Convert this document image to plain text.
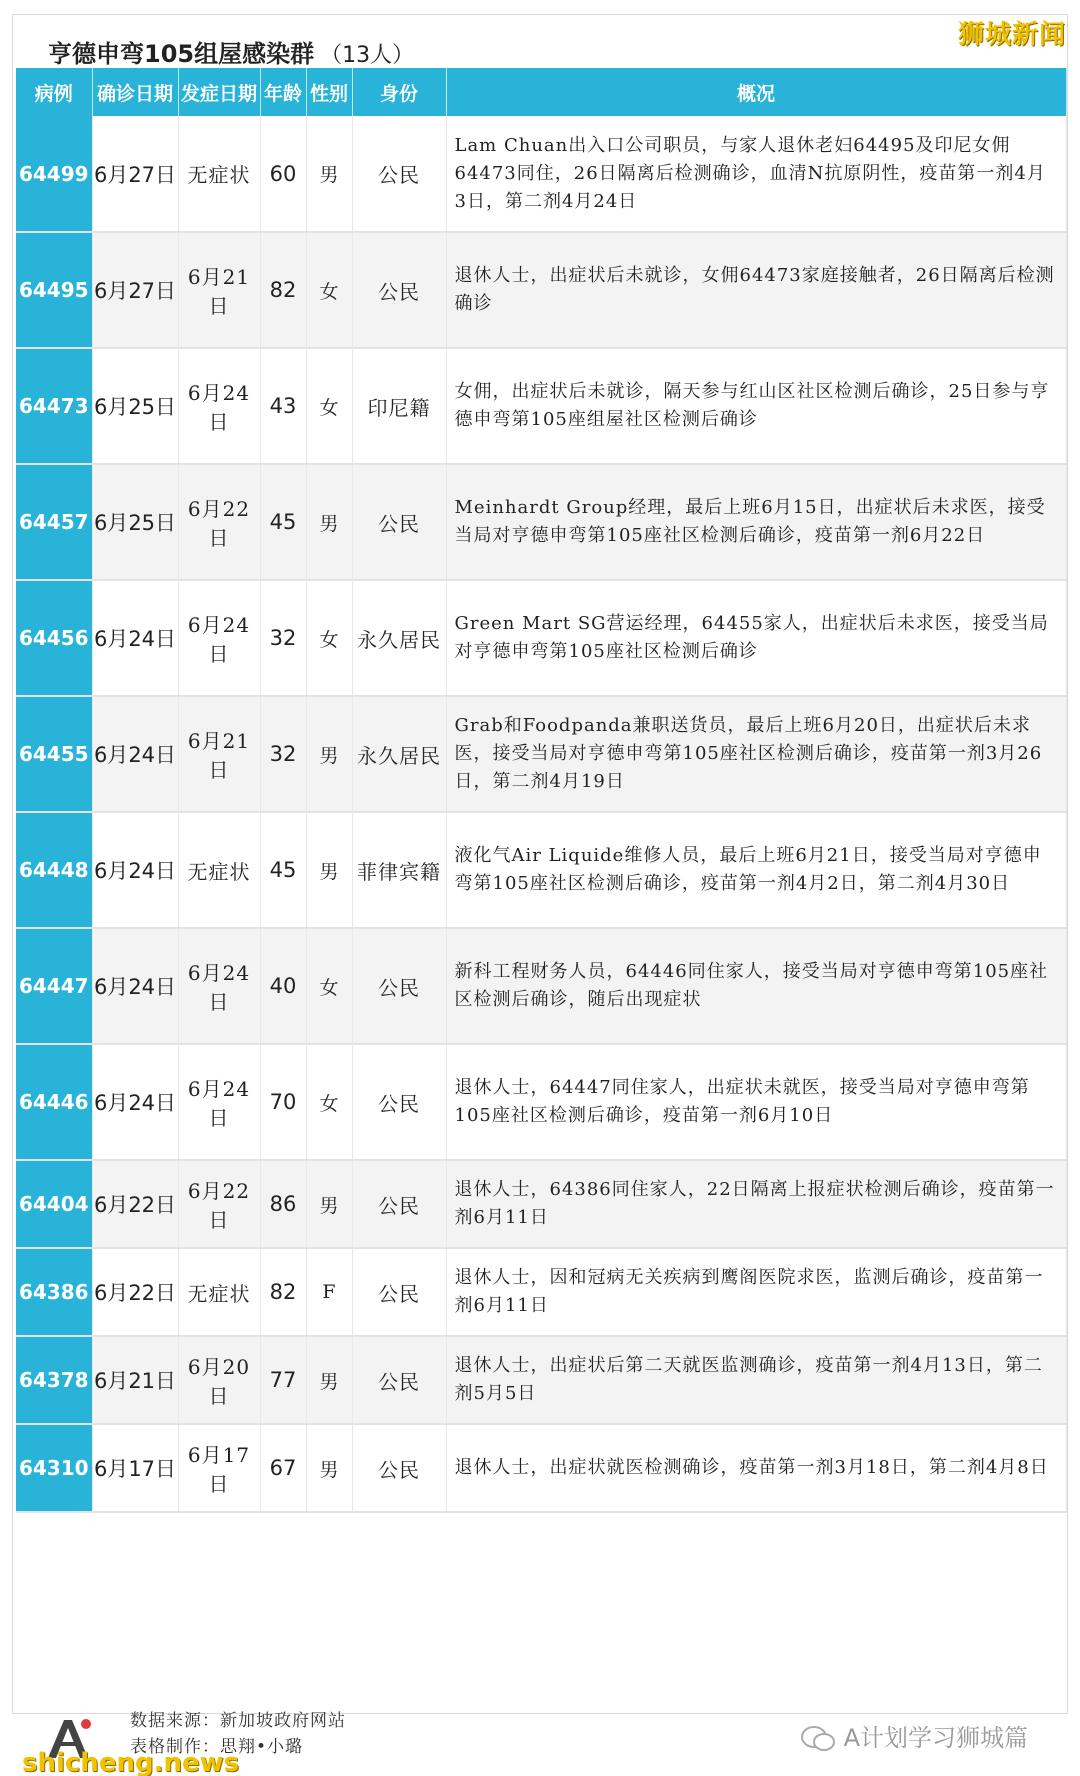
狮城新闻
亨德申弯105组屋感染群 （13人）
病例	确诊日期	发症日期	年龄	性别	身份	概况
64499	6月27日	无症状	60	男	公民	Lam Chuan出入口公司职员，与家人退休老妇64495及印尼女佣64473同住，26日隔离后检测确诊，血清N抗原阴性，疫苗第一剂4月3日，第二剂4月24日
64495	6月27日	6月21日	82	女	公民	退休人士，出症状后未就诊，女佣64473家庭接触者，26日隔离后检测确诊
64473	6月25日	6月24日	43	女	印尼籍	女佣，出症状后未就诊，隔天参与红山区社区检测后确诊，25日参与亨德申弯第105座组屋社区检测后确诊
64457	6月25日	6月22日	45	男	公民	Meinhardt Group经理，最后上班6月15日，出症状后未求医，接受当局对亨德申弯第105座社区检测后确诊，疫苗第一剂6月22日
64456	6月24日	6月24日	32	女	永久居民	Green Mart SG营运经理，64455家人，出症状后未求医，接受当局对亨德申弯第105座社区检测后确诊
64455	6月24日	6月21日	32	男	永久居民	Grab和Foodpanda兼职送货员，最后上班6月20日，出症状后未求医，接受当局对亨德申弯第105座社区检测后确诊，疫苗第一剂3月26日，第二剂4月19日
64448	6月24日	无症状	45	男	菲律宾籍	液化气Air Liquide维修人员，最后上班6月21日，接受当局对亨德申弯第105座社区检测后确诊，疫苗第一剂4月2日，第二剂4月30日
64447	6月24日	6月24日	40	女	公民	新科工程财务人员，64446同住家人，接受当局对亨德申弯第105座社区检测后确诊，随后出现症状
64446	6月24日	6月24日	70	女	公民	退休人士，64447同住家人，出症状未就医，接受当局对亨德申弯第105座社区检测后确诊，疫苗第一剂6月10日
64404	6月22日	6月22日	86	男	公民	退休人士，64386同住家人，22日隔离上报症状检测后确诊，疫苗第一剂6月11日
64386	6月22日	无症状	82	F	公民	退休人士，因和冠病无关疾病到鹰阁医院求医，监测后确诊，疫苗第一剂6月11日
64378	6月21日	6月20日	77	男	公民	退休人士，出症状后第二天就医监测确诊，疫苗第一剂4月13日，第二剂5月5日
64310	6月17日	6月17日	67	男	公民	退休人士，出症状就医检测确诊，疫苗第一剂3月18日，第二剂4月8日
数据来源：新加坡政府网站
表格制作：思翔•小璐	A计划学习狮城篇
shicheng.news
